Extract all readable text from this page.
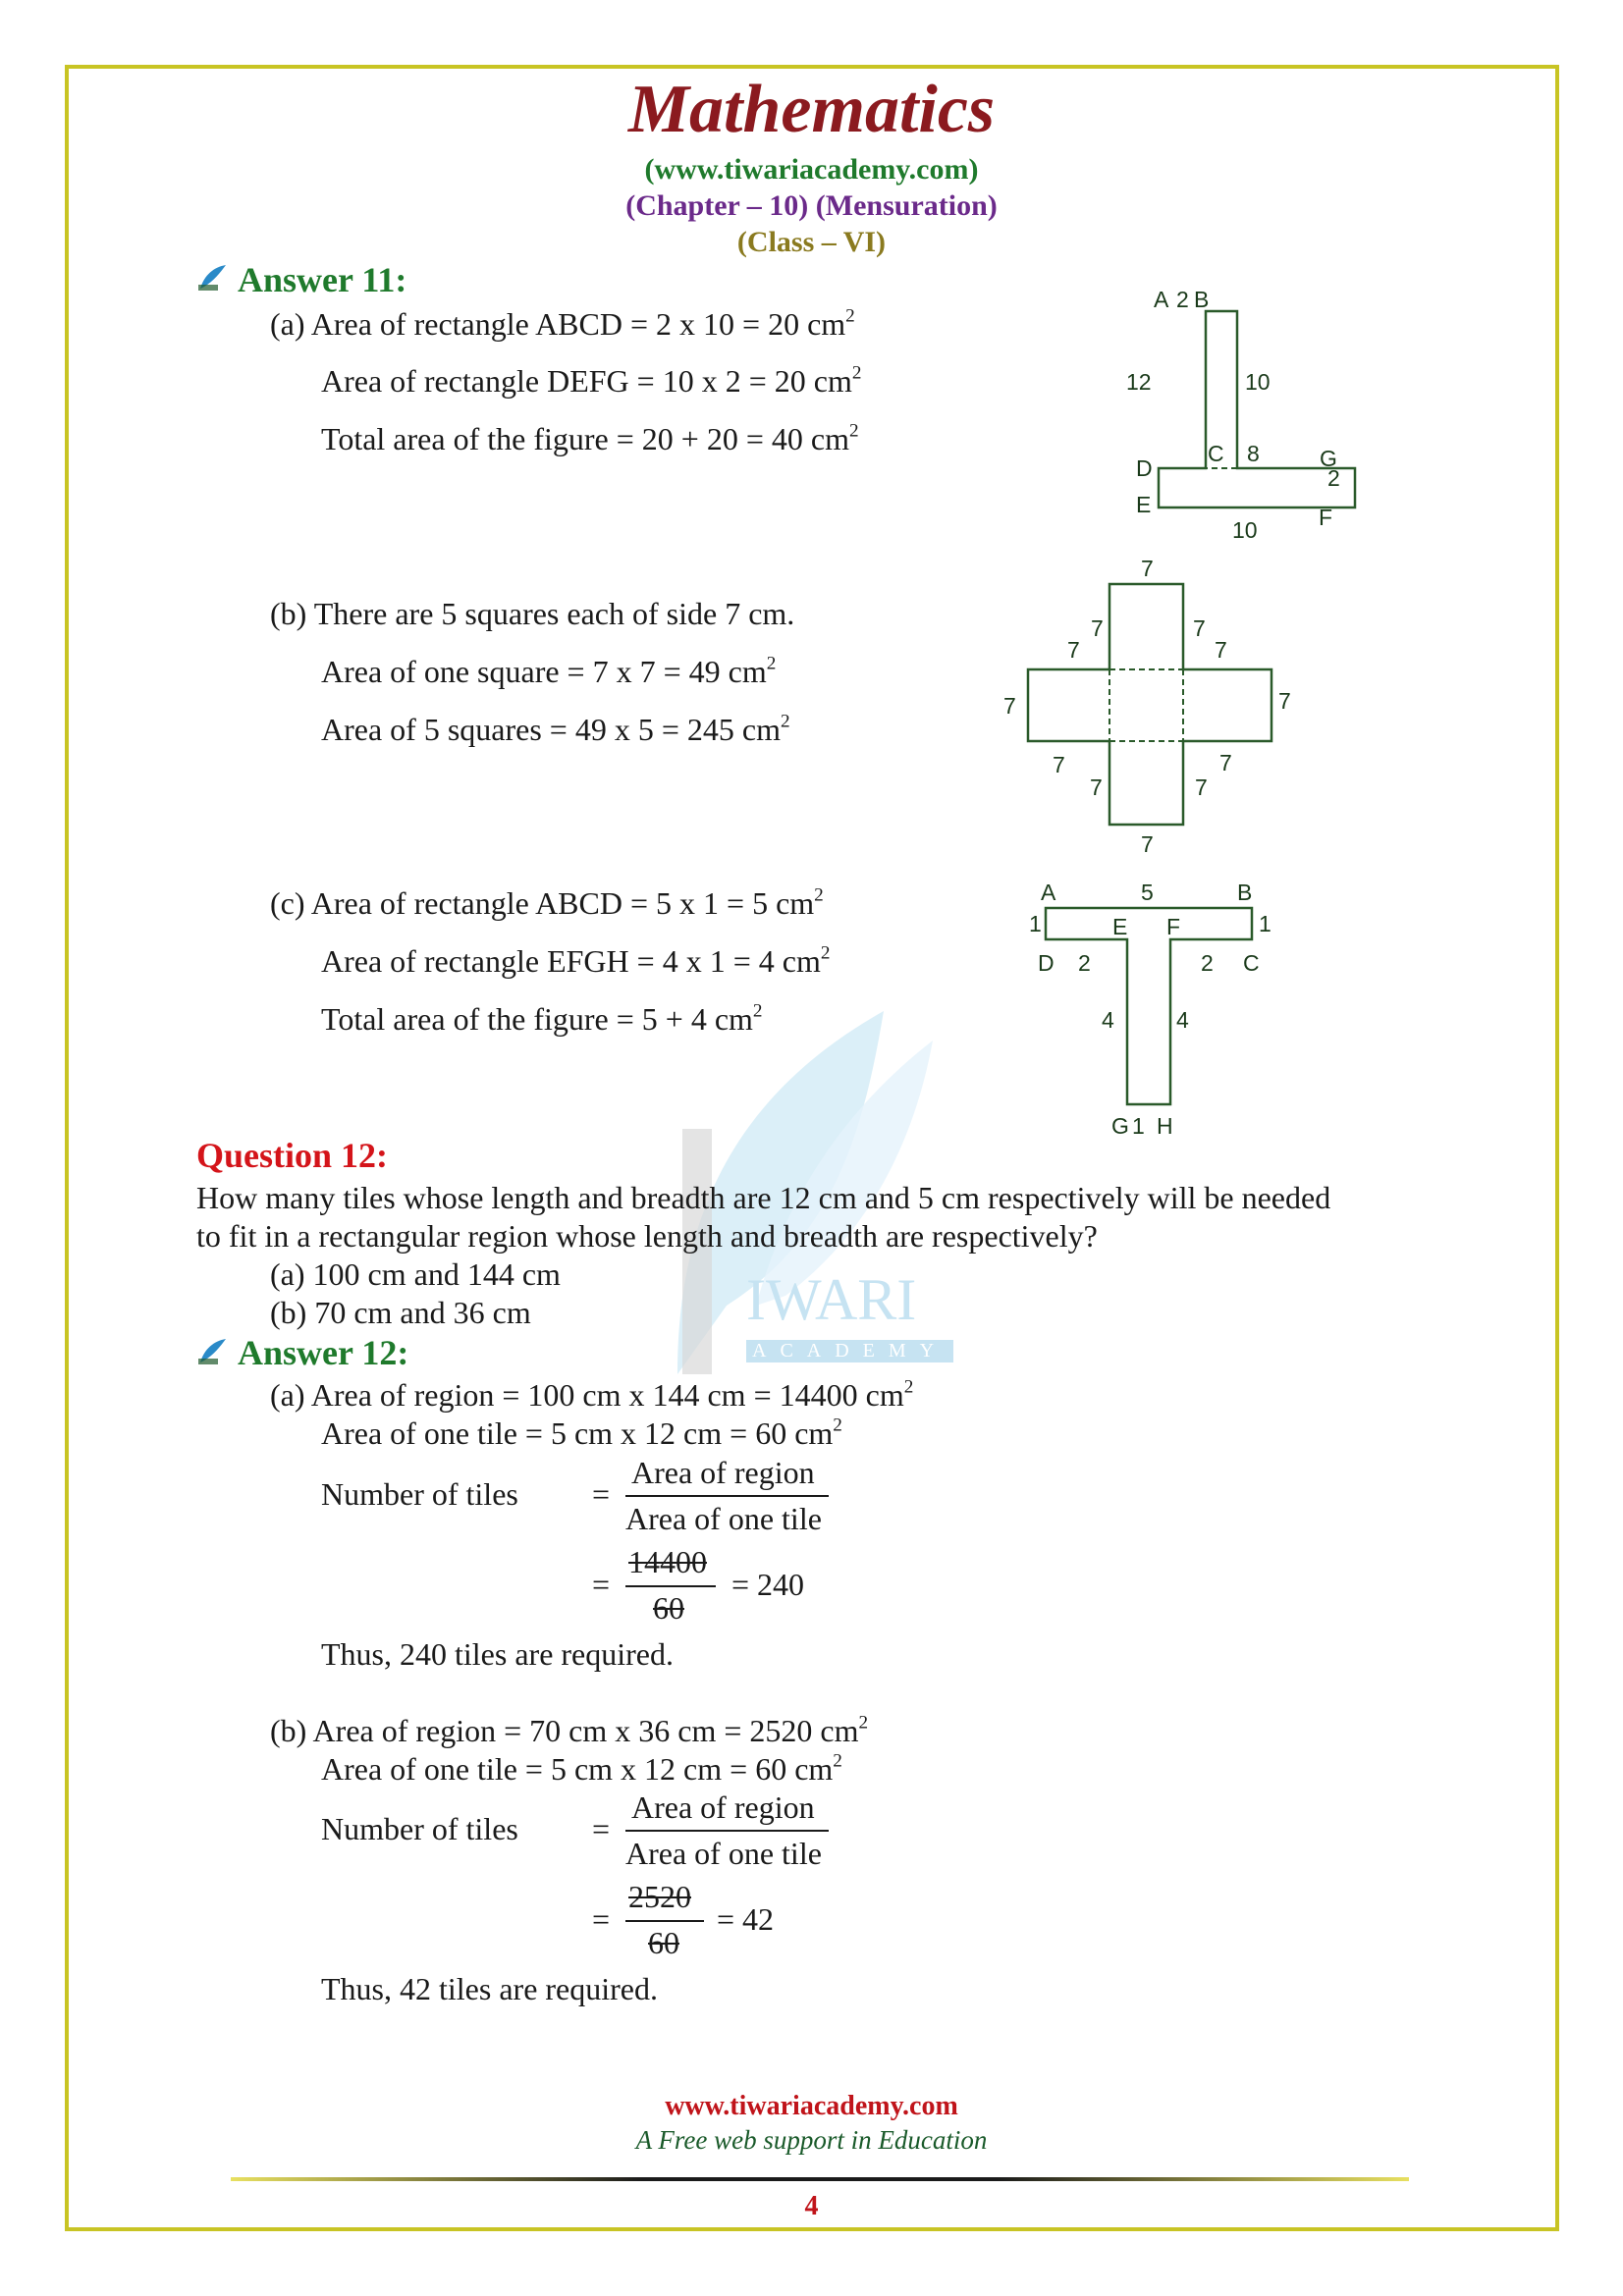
IWARI
ACADEMY
Mathematics
(www.tiwariacademy.com)
(Chapter – 10) (Mensuration)
(Class – VI)
Answer 11:
(a) Area of rectangle ABCD = 2 x 10 = 20 $cm^2$
Area of rectangle DEFG = 10 x 2 = 20 $cm^2$
Total area of the figure = 20 + 20 = 40 $cm^2$
(b) There are 5 squares each of side 7 cm.
Area of one square = 7 x 7 = 49 $cm^2$
Area of 5 squares = 49 x 5 = 245 $cm^2$
(c) Area of rectangle ABCD = 5 x 1 = 5 $cm^2$
Area of rectangle EFGH = 4 x 1 = 4 $cm^2$
Total area of the figure = 5 + 4 $cm^2$
A 2 B
12	10
C 8
D	G
2
E
10	F
7
7
7
7
7
7	7
7
7
7
7
7
A	5	B
1	E F	1
D 2	2 C
4	4
G 1 H
Question 12:
How many tiles whose length and breadth are 12 cm and 5 cm respectively will be needed
to fit in a rectangular region whose length and breadth are respectively?
(a) 100 cm and 144 cm
(b) 70 cm and 36 cm
Answer 12:
(a) Area of region = 100 cm x 144 cm = 14400 $cm^2$
Area of one tile = 5 cm x 12 cm = 60 $cm^2$
Number of tiles =
Area of region
Area of one tile
=
14400
60
= 240
Thus, 240 tiles are required.
(b) Area of region = 70 cm x 36 cm = 2520 $cm^2$
Area of one tile = 5 cm x 12 cm = 60 $cm^2$
Number of tiles =
Area of region
Area of one tile
=
2520
60
= 42
Thus, 42 tiles are required.
www.tiwariacademy.com
A Free web support in Education
4
